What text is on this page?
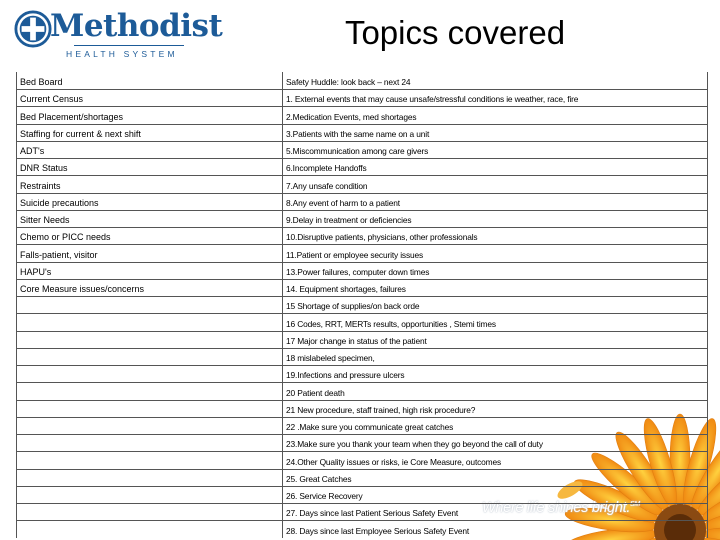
Methodist
HEALTH SYSTEM
Topics covered
Where life shines bright.℠
Bed Board	Safety Huddle: look back – next 24
Current Census	1. External events that may cause unsafe/stressful conditions ie weather, race, fire
Bed Placement/shortages	2.Medication Events, med shortages
Staffing for current & next shift	3.Patients with the same name on a unit
ADT's	5.Miscommunication among care givers
DNR Status	6.Incomplete Handoffs
Restraints	7.Any unsafe condition
Suicide precautions	8.Any event of harm to a patient
Sitter Needs	9.Delay in treatment or deficiencies
Chemo or PICC needs	10.Disruptive patients, physicians, other professionals
Falls-patient, visitor	11.Patient or employee security issues
HAPU's	13.Power failures, computer down times
Core Measure issues/concerns	14. Equipment shortages, failures
	15 Shortage of supplies/on back orde
	16 Codes, RRT, MERTs results, opportunities , Stemi times
	17 Major change in status of the patient
	18 mislabeled specimen,
	19.Infections and pressure ulcers
	20 Patient death
	21 New procedure, staff trained, high risk procedure?
	22 .Make sure you communicate great catches
	23.Make sure you thank your team when they go beyond the call of duty
	24.Other Quality issues or risks, ie Core Measure, outcomes
	25. Great Catches
	26. Service Recovery
	27. Days since last Patient Serious Safety Event
	28. Days since last Employee Serious Safety Event
